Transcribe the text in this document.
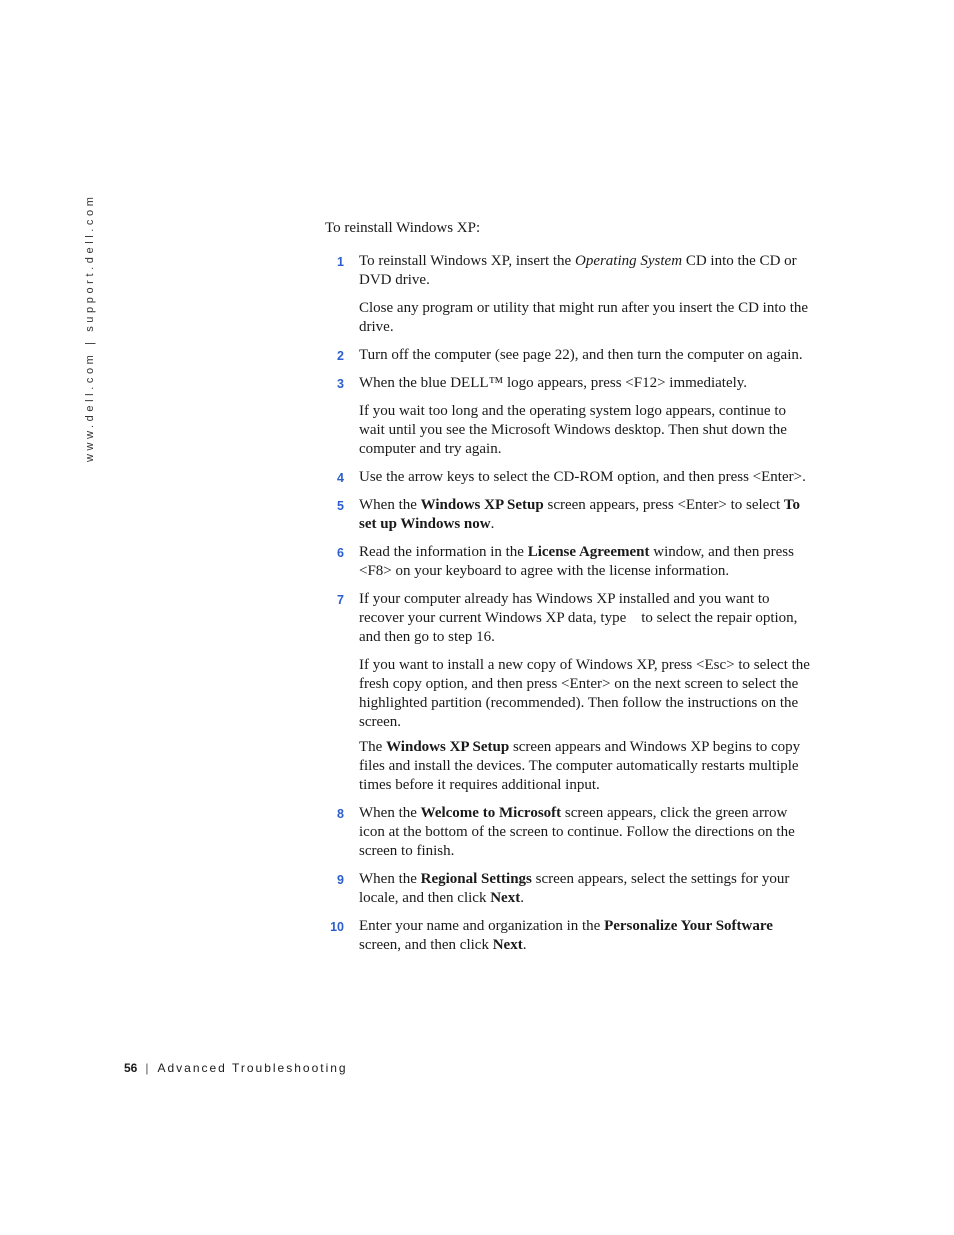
www.dell.com | support.dell.com	To reinstall Windows XP:

1 To reinstall Windows XP, insert the Operating System CD into the CD or DVD drive.

Close any program or utility that might run after you insert the CD into the drive.

2 Turn off the computer (see page 22), and then turn the computer on again.

3 When the blue DELL™ logo appears, press <F12> immediately.

If you wait too long and the operating system logo appears, continue to wait until you see the Microsoft Windows desktop. Then shut down the computer and try again.

4 Use the arrow keys to select the CD-ROM option, and then press <Enter>.

5 When the Windows XP Setup screen appears, press <Enter> to select To set up Windows now.

6 Read the information in the License Agreement window, and then press <F8> on your keyboard to agree with the license information.

7 If your computer already has Windows XP installed and you want to recover your current Windows XP data, type    to select the repair option, and then go to step 16.

If you want to install a new copy of Windows XP, press <Esc> to select the fresh copy option, and then press <Enter> on the next screen to select the highlighted partition (recommended). Then follow the instructions on the screen.

The Windows XP Setup screen appears and Windows XP begins to copy files and install the devices. The computer automatically restarts multiple times before it requires additional input.

8 When the Welcome to Microsoft screen appears, click the green arrow icon at the bottom of the screen to continue. Follow the directions on the screen to finish.

9 When the Regional Settings screen appears, select the settings for your locale, and then click Next.

10 Enter your name and organization in the Personalize Your Software screen, and then click Next.

56 | Advanced Troubleshooting
